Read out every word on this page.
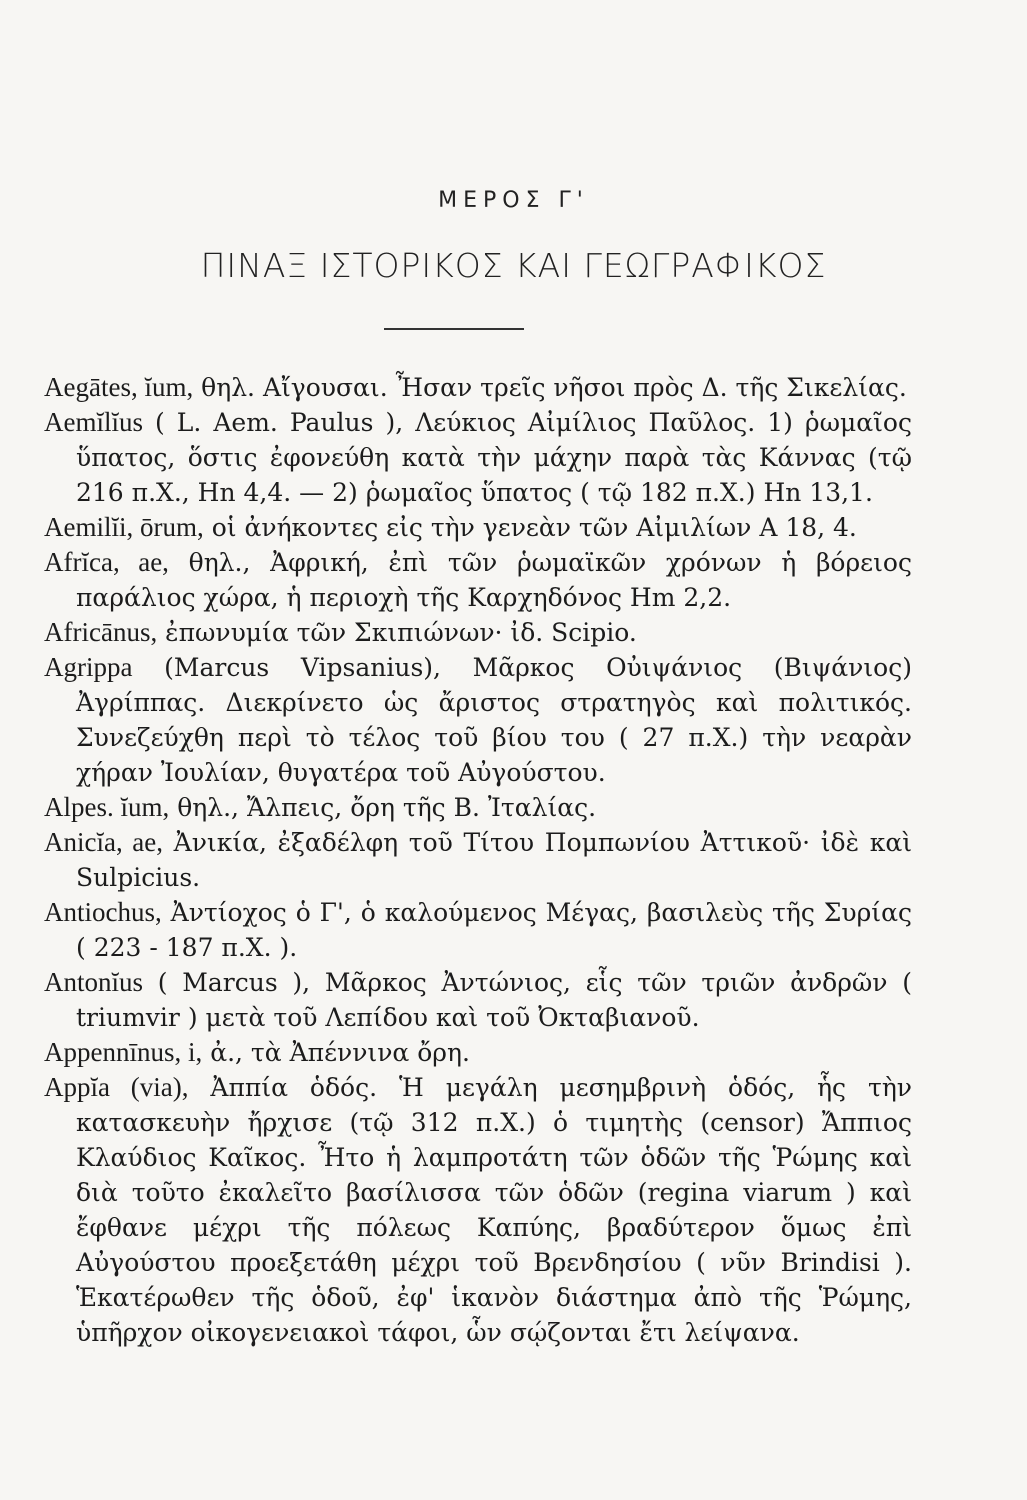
ΜΕΡΟΣ Γ'
ΠΙΝΑΞ ΙΣΤΟΡΙΚΟΣ ΚΑΙ ΓΕΩΓΡΑΦΙΚΟΣ
Aegātes, ĭum, θηλ. Αἴγουσαι. Ἦσαν τρεῖς νῆσοι πρὸς Δ. τῆς Σικελίας.
Aemĭlĭus ( L. Aem. Paulus ), Λεύκιος Αἰμίλιος Παῦλος. 1) ῥωμαῖος ὕπατος, ὅστις ἐφονεύθη κατὰ τὴν μάχην παρὰ τὰς Κάννας (τῷ 216 π.Χ., Hn 4,4. — 2) ῥωμαῖος ὕπατος ( τῷ 182 π.Χ.) Hn 13,1.
Aemilĭi, ōrum, οἱ ἀνήκοντες εἰς τὴν γενεὰν τῶν Αἰμιλίων A 18, 4.
Afrĭca, ae, θηλ., Ἀφρική, ἐπὶ τῶν ῥωμαϊκῶν χρόνων ἡ βόρειος παράλιος χώρα, ἡ περιοχὴ τῆς Καρχηδόνος Hm 2,2.
Africānus, ἐπωνυμία τῶν Σκιπιώνων· ἰδ. Scipio.
Agrippa (Marcus Vipsanius), Μᾶρκος Οὐιψάνιος (Βιψάνιος) Ἀγρίππας. Διεκρίνετο ὡς ἄριστος στρατηγὸς καὶ πολιτικός. Συνεζεύχθη περὶ τὸ τέλος τοῦ βίου του ( 27 π.Χ.) τὴν νεαρὰν χήραν Ἰουλίαν, θυγατέρα τοῦ Αὐγούστου.
Alpes. ĭum, θηλ., Ἄλπεις, ὄρη τῆς Β. Ἰταλίας.
Anicĭa, ae, Ἀνικία, ἐξαδέλφη τοῦ Τίτου Πομπωνίου Ἀττικοῦ· ἰδὲ καὶ Sulpicius.
Antiochus, Ἀντίοχος ὁ Γ', ὁ καλούμενος Μέγας, βασιλεὺς τῆς Συρίας ( 223 - 187 π.Χ. ).
Antonĭus ( Marcus ), Μᾶρκος Ἀντώνιος, εἷς τῶν τριῶν ἀνδρῶν ( triumvir ) μετὰ τοῦ Λεπίδου καὶ τοῦ Ὀκταβιανοῦ.
Appennīnus, i, ἀ., τὰ Ἀπέννινα ὄρη.
Appĭa (via), Ἀππία ὁδός. Ἡ μεγάλη μεσημβρινὴ ὁδός, ἧς τὴν κατασκευὴν ἤρχισε (τῷ 312 π.Χ.) ὁ τιμητὴς (censor) Ἄππιος Κλαύδιος Καῖκος. Ἦτο ἡ λαμπροτάτη τῶν ὁδῶν τῆς Ῥώμης καὶ διὰ τοῦτο ἐκαλεῖτο βασίλισσα τῶν ὁδῶν (regina viarum ) καὶ ἔφθανε μέχρι τῆς πόλεως Καπύης, βραδύτερον ὅμως ἐπὶ Αὐγούστου προεξετάθη μέχρι τοῦ Βρενδησίου ( νῦν Brindisi ). Ἑκατέρωθεν τῆς ὁδοῦ, ἐφ' ἱκανὸν διάστημα ἀπὸ τῆς Ῥώμης, ὑπῆρχον οἰκογενειακοὶ τάφοι, ὧν σῴζονται ἔτι λείψανα.
